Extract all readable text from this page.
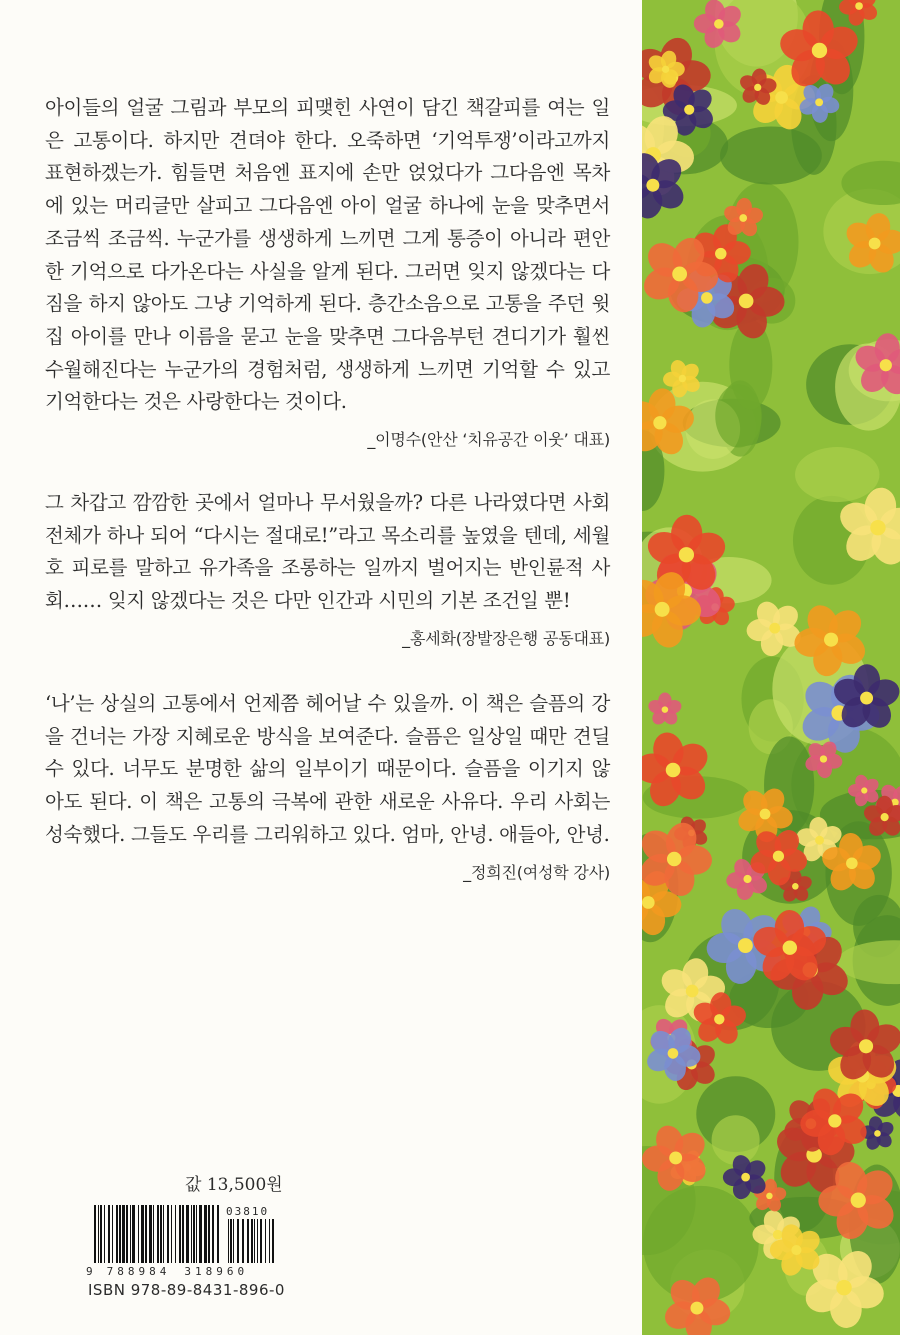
아이들의 얼굴 그림과 부모의 피맺힌 사연이 담긴 책갈피를 여는 일은 고통이다. 하지만 견뎌야 한다. 오죽하면 ‘기억투쟁’이라고까지 표현하겠는가. 힘들면 처음엔 표지에 손만 얹었다가 그다음엔 목차에 있는 머리글만 살피고 그다음엔 아이 얼굴 하나에 눈을 맞추면서 조금씩 조금씩. 누군가를 생생하게 느끼면 그게 통증이 아니라 편안한 기억으로 다가온다는 사실을 알게 된다. 그러면 잊지 않겠다는 다짐을 하지 않아도 그냥 기억하게 된다. 층간소음으로 고통을 주던 윗집 아이를 만나 이름을 묻고 눈을 맞추면 그다음부턴 견디기가 훨씬 수월해진다는 누군가의 경험처럼, 생생하게 느끼면 기억할 수 있고 기억한다는 것은 사랑한다는 것이다.

_이명수(안산 ‘치유공간 이웃’ 대표)

그 차갑고 깜깜한 곳에서 얼마나 무서웠을까? 다른 나라였다면 사회 전체가 하나 되어 “다시는 절대로!”라고 목소리를 높였을 텐데, 세월호 피로를 말하고 유가족을 조롱하는 일까지 벌어지는 반인륜적 사회…… 잊지 않겠다는 것은 다만 인간과 시민의 기본 조건일 뿐!

_홍세화(장발장은행 공동대표)

‘나’는 상실의 고통에서 언제쯤 헤어날 수 있을까. 이 책은 슬픔의 강을 건너는 가장 지혜로운 방식을 보여준다. 슬픔은 일상일 때만 견딜 수 있다. 너무도 분명한 삶의 일부이기 때문이다. 슬픔을 이기지 않아도 된다. 이 책은 고통의 극복에 관한 새로운 사유다. 우리 사회는 성숙했다. 그들도 우리를 그리워하고 있다. 엄마, 안녕. 애들아, 안녕.

_정희진(여성학 강사)
값 13,500원
9 788984 318960
03810
ISBN 978-89-8431-896-0
